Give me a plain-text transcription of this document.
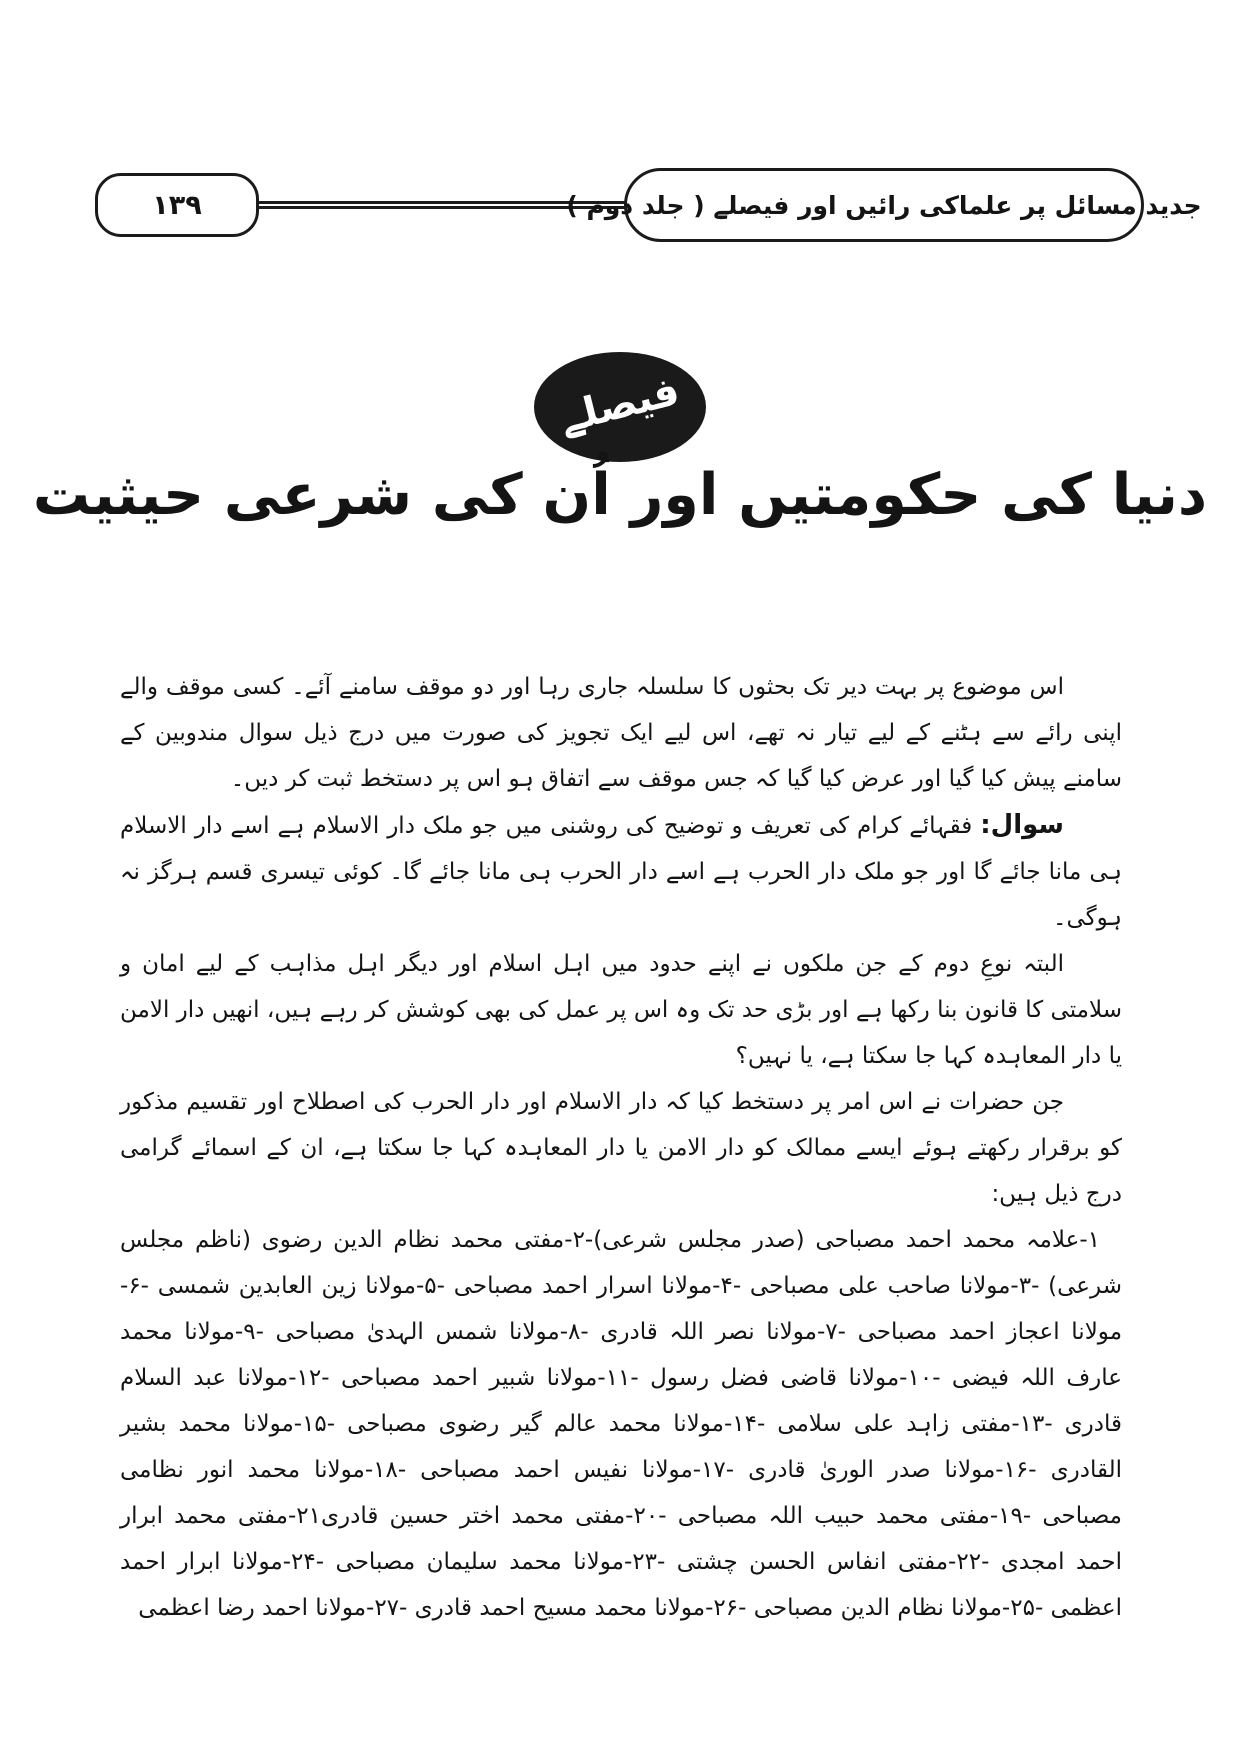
۱۳۹	جدید مسائل پر علماکی رائیں اور فیصلے ( جلد دوم )
فیصلے
دنیا کی حکومتیں اور اُن کی شرعی حیثیت

اس موضوع پر بہت دیر تک بحثوں کا سلسلہ جاری رہا اور دو موقف سامنے آئے۔ کسی موقف والے اپنی رائے سے ہٹنے کے لیے تیار نہ تھے، اس لیے ایک تجویز کی صورت میں درج ذیل سوال مندوبین کے سامنے پیش کیا گیا اور عرض کیا گیا کہ جس موقف سے اتفاق ہو اس پر دستخط ثبت کر دیں۔

سوال: فقہائے کرام کی تعریف و توضیح کی روشنی میں جو ملک دار الاسلام ہے اسے دار الاسلام ہی مانا جائے گا اور جو ملک دار الحرب ہے اسے دار الحرب ہی مانا جائے گا۔ کوئی تیسری قسم ہرگز نہ ہوگی۔

البتہ نوعِ دوم کے جن ملکوں نے اپنے حدود میں اہل اسلام اور دیگر اہل مذاہب کے لیے امان و سلامتی کا قانون بنا رکھا ہے اور بڑی حد تک وہ اس پر عمل کی بھی کوشش کر رہے ہیں، انھیں دار الامن یا دار المعاہدہ کہا جا سکتا ہے، یا نہیں؟

جن حضرات نے اس امر پر دستخط کیا کہ دار الاسلام اور دار الحرب کی اصطلاح اور تقسیم مذکور کو برقرار رکھتے ہوئے ایسے ممالک کو دار الامن یا دار المعاہدہ کہا جا سکتا ہے، ان کے اسمائے گرامی درج ذیل ہیں:

۱-علامہ محمد احمد مصباحی (صدر مجلس شرعی)-۲-مفتی محمد نظام الدین رضوی (ناظم مجلس شرعی) -۳-مولانا صاحب علی مصباحی -۴-مولانا اسرار احمد مصباحی -۵-مولانا زین العابدین شمسی -۶-مولانا اعجاز احمد مصباحی -۷-مولانا نصر اللہ قادری -۸-مولانا شمس الہدیٰ مصباحی -۹-مولانا محمد عارف اللہ فیضی -۱۰-مولانا قاضی فضل رسول -۱۱-مولانا شبیر احمد مصباحی -۱۲-مولانا عبد السلام قادری -۱۳-مفتی زاہد علی سلامی -۱۴-مولانا محمد عالم گیر رضوی مصباحی -۱۵-مولانا محمد بشیر القادری -۱۶-مولانا صدر الوریٰ قادری -۱۷-مولانا نفیس احمد مصباحی -۱۸-مولانا محمد انور نظامی مصباحی -۱۹-مفتی محمد حبیب اللہ مصباحی -۲۰-مفتی محمد اختر حسین قادری۲۱-مفتی محمد ابرار احمد امجدی -۲۲-مفتی انفاس الحسن چشتی -۲۳-مولانا محمد سلیمان مصباحی -۲۴-مولانا ابرار احمد اعظمی -۲۵-مولانا نظام الدین مصباحی -۲۶-مولانا محمد مسیح احمد قادری -۲۷-مولانا احمد رضا اعظمی
